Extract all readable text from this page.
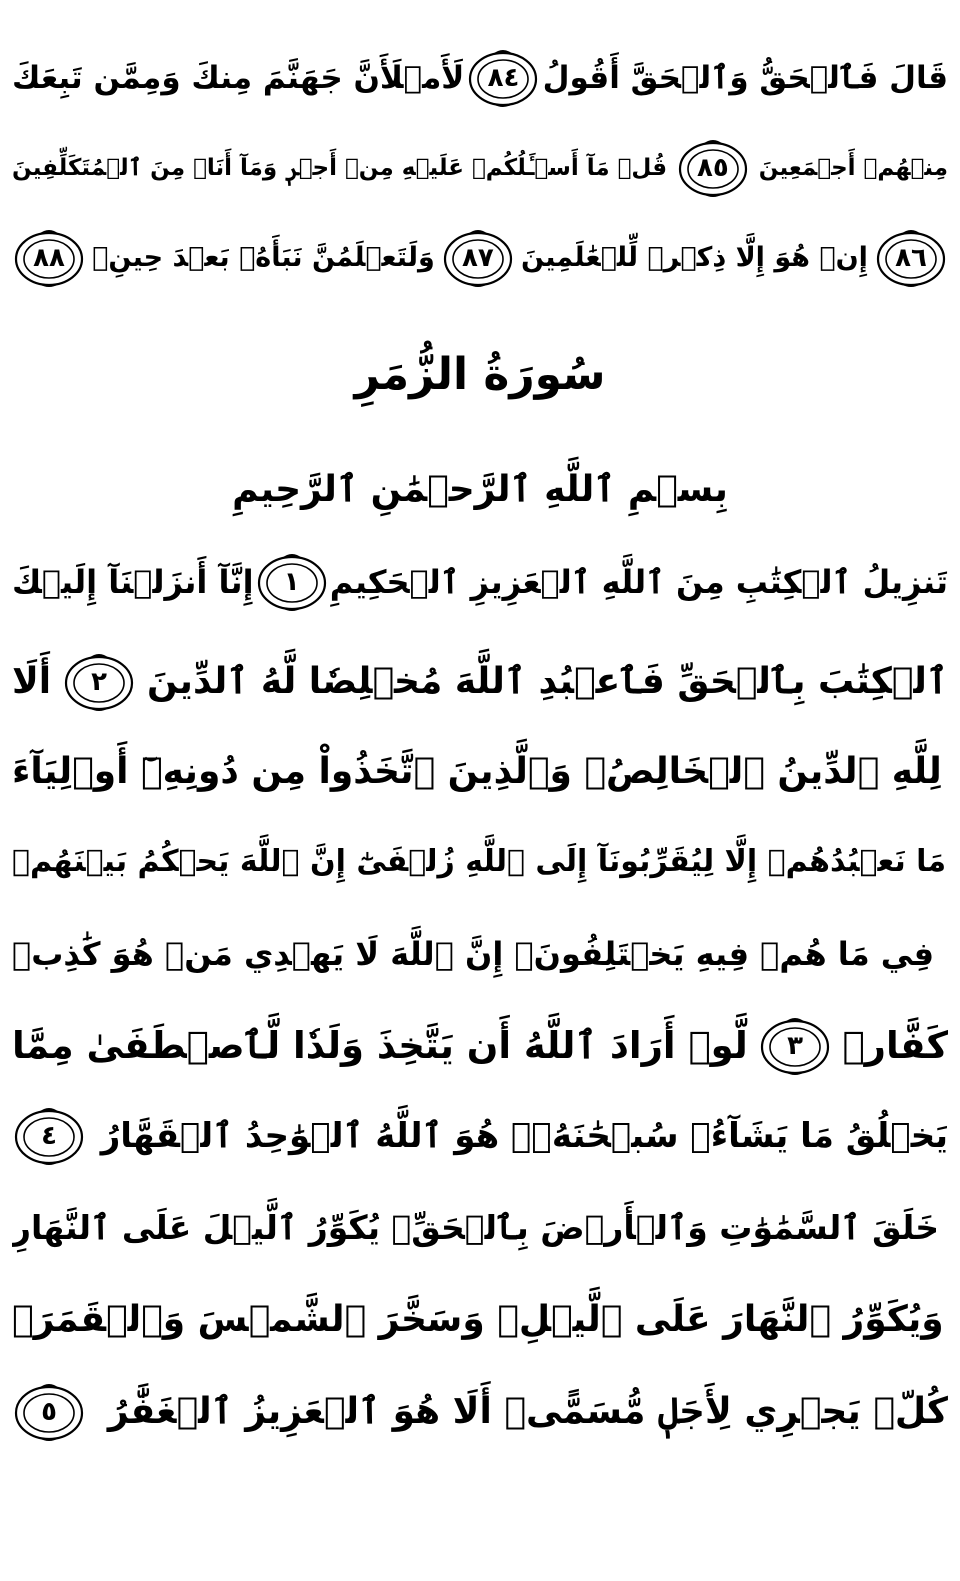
سُورَةُ الزُّمَرِ
بِسۡمِ ٱللَّهِ ٱلرَّحۡمَٰنِ ٱلرَّحِيمِ
لَأَمۡلَأَنَّ جَهَنَّمَ مِنكَ وَمِمَّن تَبِعَكَ ٨٤ قَالَ فَٱلۡحَقُّ وَٱلۡحَقَّ أَقُولُ
قُلۡ مَآ أَسۡـَٔلُكُمۡ عَلَيۡهِ مِنۡ أَجۡرٖ وَمَآ أَنَا۠ مِنَ ٱلۡمُتَكَلِّفِينَ ٨٥ مِنۡهُمۡ أَجۡمَعِينَ
٨٨ وَلَتَعۡلَمُنَّ نَبَأَهُۥ بَعۡدَ حِينِۭ ٨٧ إِنۡ هُوَ إِلَّا ذِكۡرٞ لِّلۡعَٰلَمِينَ ٨٦
إِنَّآ أَنزَلۡنَآ إِلَيۡكَ ١ تَنزِيلُ ٱلۡكِتَٰبِ مِنَ ٱللَّهِ ٱلۡعَزِيزِ ٱلۡحَكِيمِ
أَلَا ٢ ٱلۡكِتَٰبَ بِٱلۡحَقِّ فَٱعۡبُدِ ٱللَّهَ مُخۡلِصٗا لَّهُ ٱلدِّينَ
لِلَّهِ ٱلدِّينُ ٱلۡخَالِصُۚ وَٱلَّذِينَ ٱتَّخَذُواْ مِن دُونِهِۦٓ أَوۡلِيَآءَ
مَا نَعۡبُدُهُمۡ إِلَّا لِيُقَرِّبُونَآ إِلَى ٱللَّهِ زُلۡفَىٰٓ إِنَّ ٱللَّهَ يَحۡكُمُ بَيۡنَهُمۡ
فِي مَا هُمۡ فِيهِ يَخۡتَلِفُونَۗ إِنَّ ٱللَّهَ لَا يَهۡدِي مَنۡ هُوَ كَٰذِبٞ
لَّوۡ أَرَادَ ٱللَّهُ أَن يَتَّخِذَ وَلَدٗا لَّٱصۡطَفَىٰ مِمَّا ٣ كَفَّارٞ
٤ يَخۡلُقُ مَا يَشَآءُۚ سُبۡحَٰنَهُۥۖ هُوَ ٱللَّهُ ٱلۡوَٰحِدُ ٱلۡقَهَّارُ
خَلَقَ ٱلسَّمَٰوَٰتِ وَٱلۡأَرۡضَ بِٱلۡحَقِّۖ يُكَوِّرُ ٱلَّيۡلَ عَلَى ٱلنَّهَارِ
وَيُكَوِّرُ ٱلنَّهَارَ عَلَى ٱلَّيۡلِۖ وَسَخَّرَ ٱلشَّمۡسَ وَٱلۡقَمَرَۖ
٥ كُلّٞ يَجۡرِي لِأَجَلٖ مُّسَمًّىۗ أَلَا هُوَ ٱلۡعَزِيزُ ٱلۡغَفَّٰرُ
